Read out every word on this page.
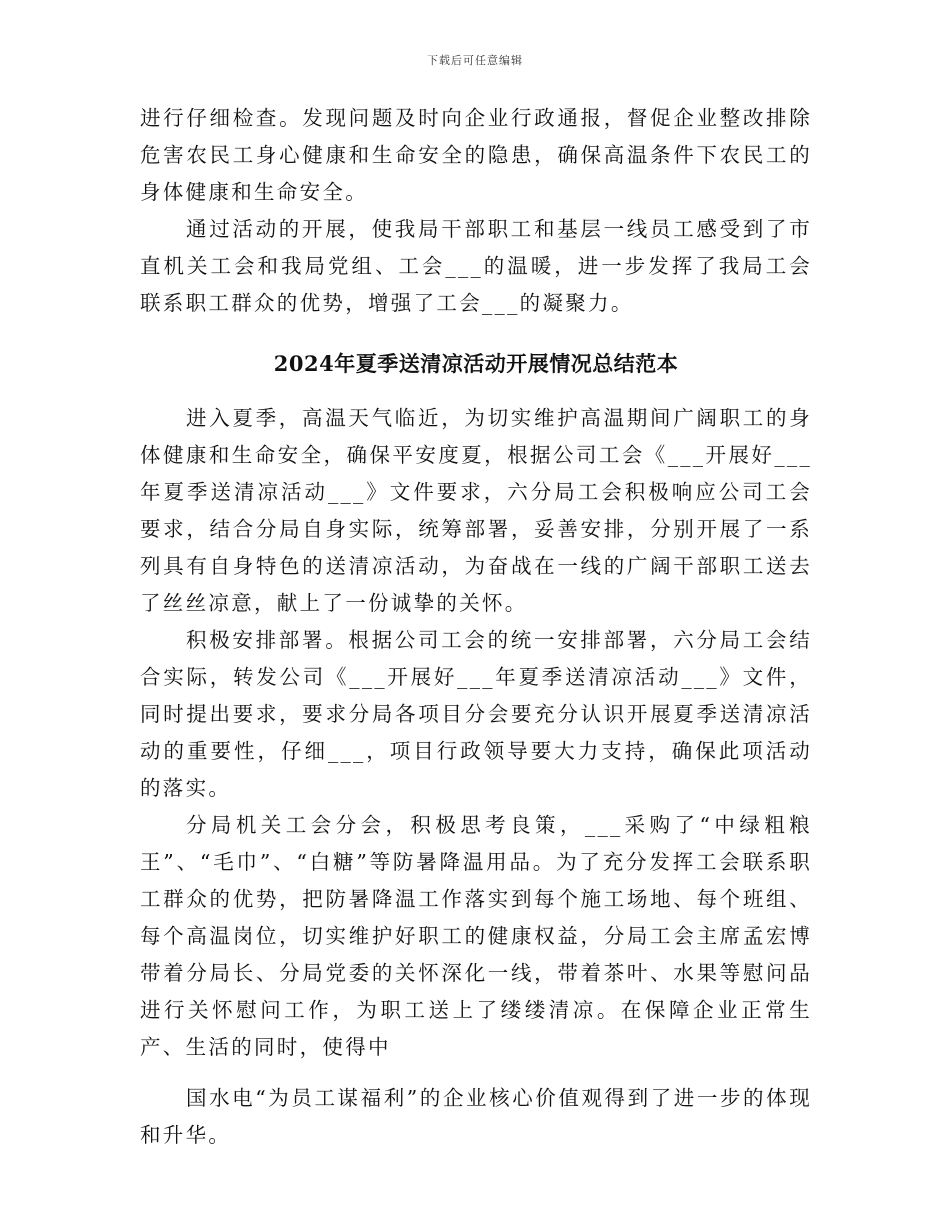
下载后可任意编辑

进行仔细检查。发现问题及时向企业行政通报，督促企业整改排除危害农民工身心健康和生命安全的隐患，确保高温条件下农民工的身体健康和生命安全。

通过活动的开展，使我局干部职工和基层一线员工感受到了市直机关工会和我局党组、工会___的温暖，进一步发挥了我局工会联系职工群众的优势，增强了工会___的凝聚力。

2024年夏季送清凉活动开展情况总结范本

进入夏季，高温天气临近，为切实维护高温期间广阔职工的身体健康和生命安全，确保平安度夏，根据公司工会《___开展好___年夏季送清凉活动___》文件要求，六分局工会积极响应公司工会要求，结合分局自身实际，统筹部署，妥善安排，分别开展了一系列具有自身特色的送清凉活动，为奋战在一线的广阔干部职工送去了丝丝凉意，献上了一份诚挚的关怀。

积极安排部署。根据公司工会的统一安排部署，六分局工会结合实际，转发公司《___开展好___年夏季送清凉活动___》文件，同时提出要求，要求分局各项目分会要充分认识开展夏季送清凉活动的重要性，仔细___，项目行政领导要大力支持，确保此项活动的落实。

分局机关工会分会，积极思考良策，___采购了“中绿粗粮王”、“毛巾”、“白糖”等防暑降温用品。为了充分发挥工会联系职工群众的优势，把防暑降温工作落实到每个施工场地、每个班组、每个高温岗位，切实维护好职工的健康权益，分局工会主席孟宏博带着分局长、分局党委的关怀深化一线，带着茶叶、水果等慰问品进行关怀慰问工作，为职工送上了缕缕清凉。在保障企业正常生产、生活的同时，使得中

国水电“为员工谋福利”的企业核心价值观得到了进一步的体现和升华。
